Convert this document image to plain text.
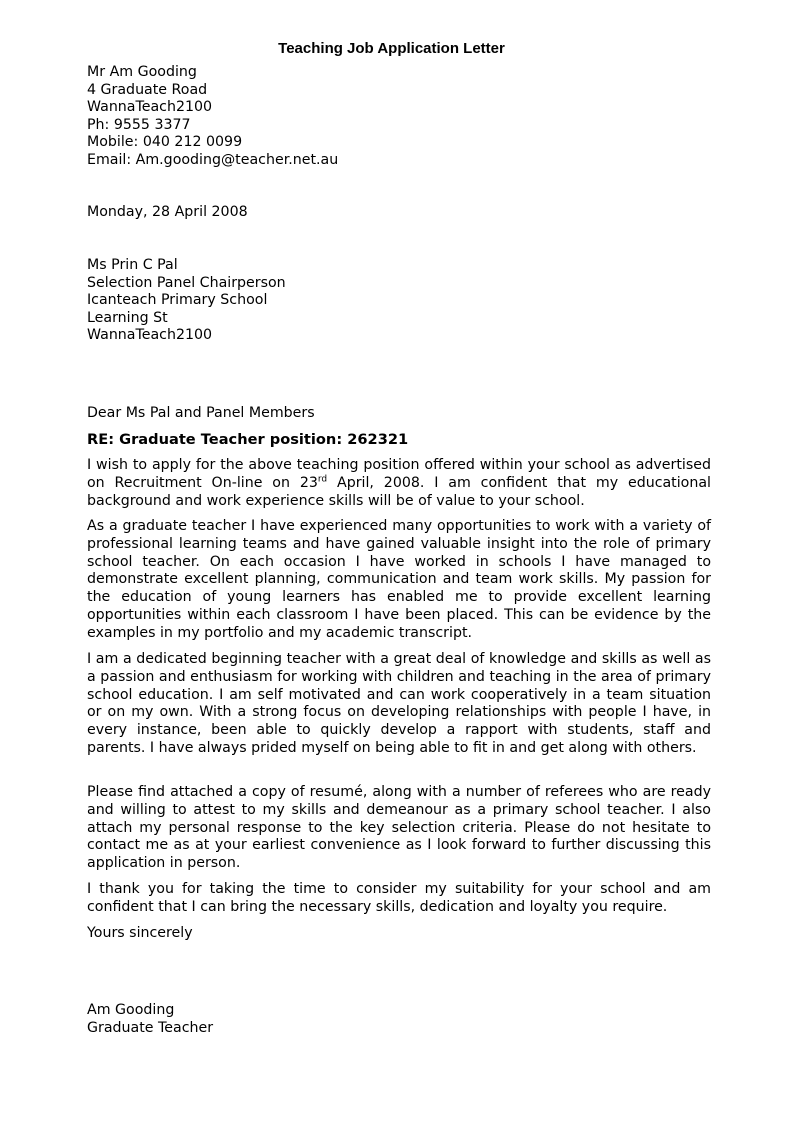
Teaching Job Application Letter
Mr Am Gooding
4 Graduate Road
WannaTeach2100
Ph: 9555 3377
Mobile: 040 212 0099
Email: Am.gooding@teacher.net.au
Monday, 28 April 2008
Ms Prin C Pal
Selection Panel Chairperson
Icanteach Primary School
Learning St
WannaTeach2100
Dear Ms Pal and Panel Members
RE: Graduate Teacher position: 262321
I wish to apply for the above teaching position offered within your school as advertised on Recruitment On-line on 23rd April, 2008. I am confident that my educational background and work experience skills will be of value to your school.
As a graduate teacher I have experienced many opportunities to work with a variety of professional learning teams and have gained valuable insight into the role of primary school teacher. On each occasion I have worked in schools I have managed to demonstrate excellent planning, communication and team work skills. My passion for the education of young learners has enabled me to provide excellent learning opportunities within each classroom I have been placed. This can be evidence by the examples in my portfolio and my academic transcript.
I am a dedicated beginning teacher with a great deal of knowledge and skills as well as a passion and enthusiasm for working with children and teaching in the area of primary school education. I am self motivated and can work cooperatively in a team situation or on my own. With a strong focus on developing relationships with people I have, in every instance, been able to quickly develop a rapport with students, staff and parents. I have always prided myself on being able to fit in and get along with others.
Please find attached a copy of resumé, along with a number of referees who are ready and willing to attest to my skills and demeanour as a primary school teacher. I also attach my personal response to the key selection criteria. Please do not hesitate to contact me as at your earliest convenience as I look forward to further discussing this application in person.
I thank you for taking the time to consider my suitability for your school and am confident that I can bring the necessary skills, dedication and loyalty you require.
Yours sincerely
Am Gooding
Graduate Teacher
